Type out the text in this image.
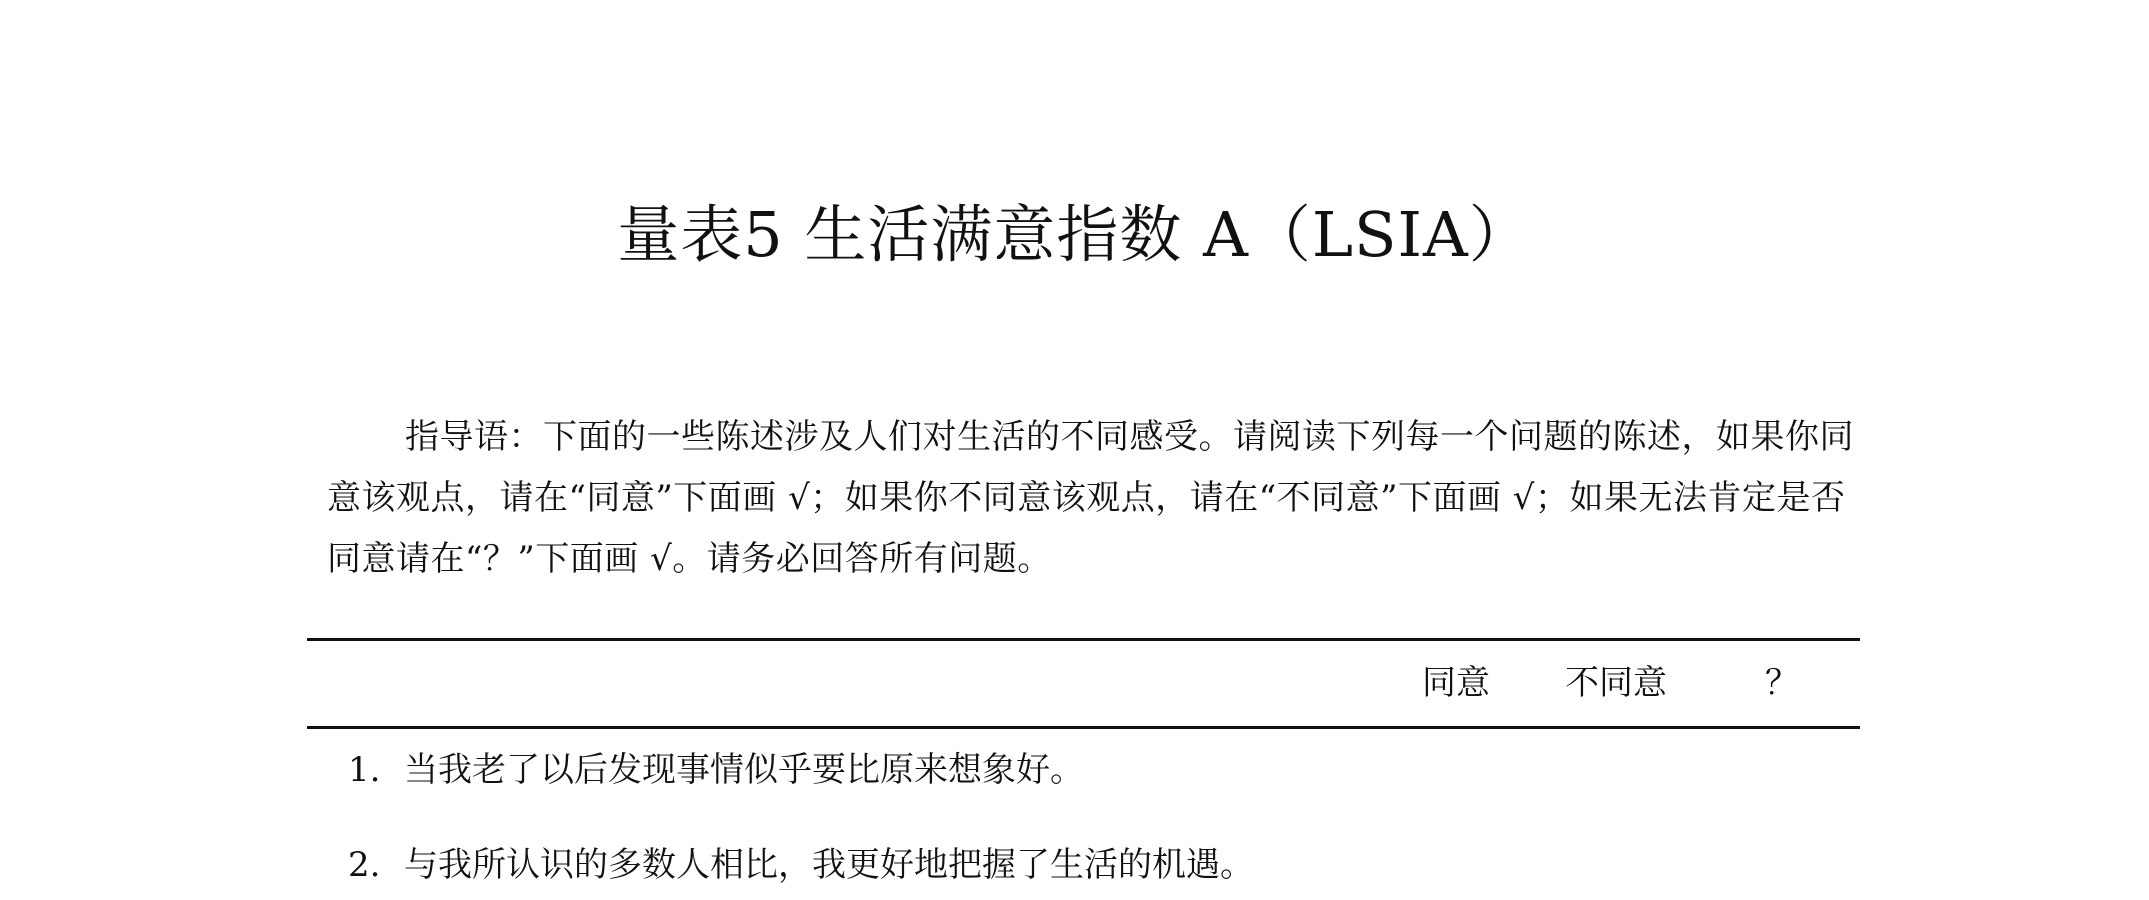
量表5 生活满意指数 A（LSIA）

指导语：下面的一些陈述涉及人们对生活的不同感受。请阅读下列每一个问题的陈述，如果你同意该观点，请在“同意”下面画 √；如果你不同意该观点，请在“不同意”下面画 √；如果无法肯定是否同意请在“？”下面画 √。请务必回答所有问题。

同意 不同意	？
1. 当我老了以后发现事情似乎要比原来想象好。
2. 与我所认识的多数人相比，我更好地把握了生活的机遇。
